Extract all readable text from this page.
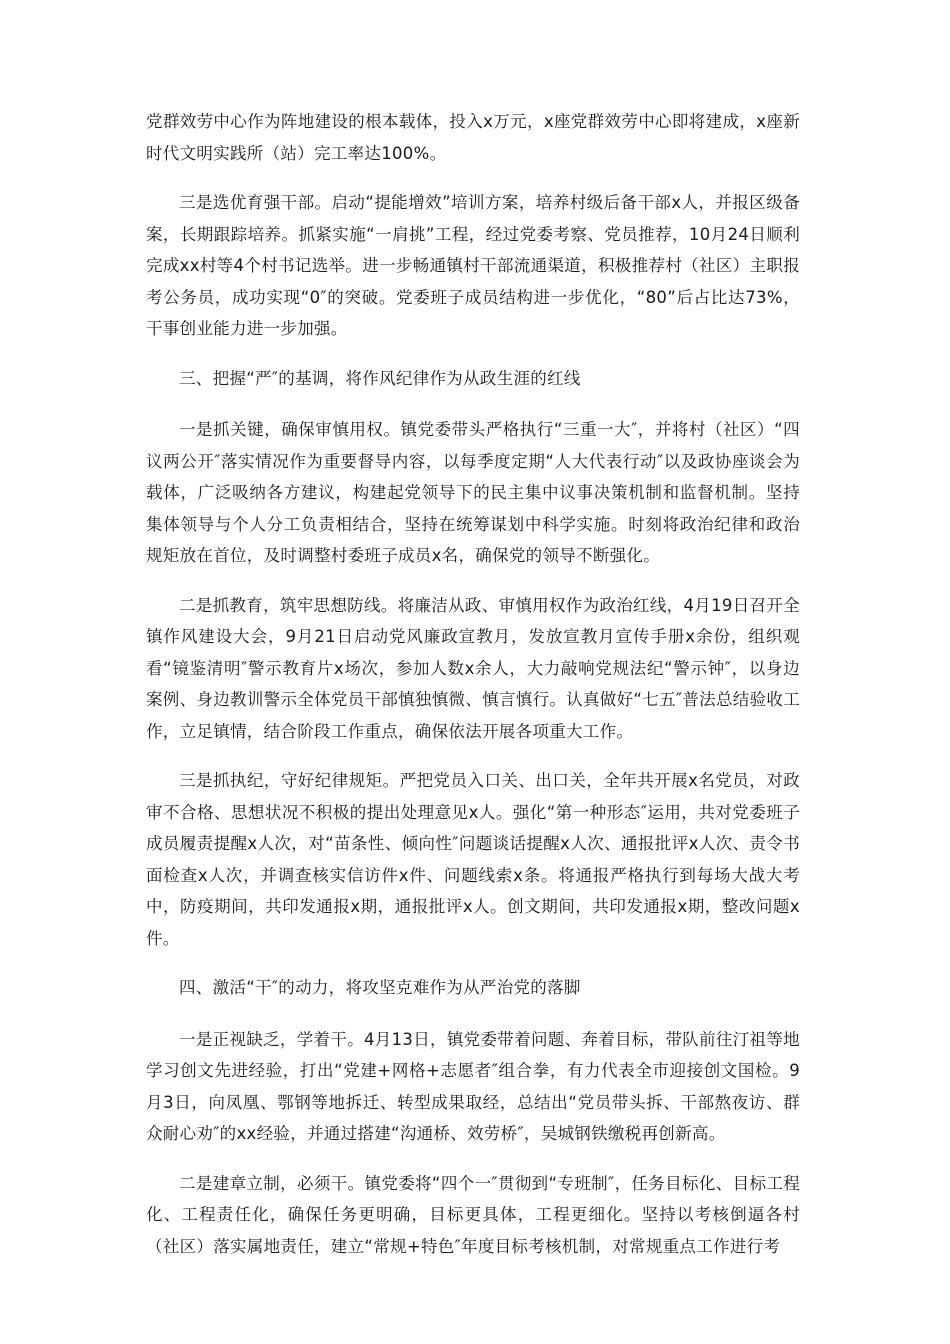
党群效劳中心作为阵地建设的根本载体，投入x万元，x座党群效劳中心即将建成，x座新时代文明实践所（站）完工率达100%。

三是选优育强干部。启动“提能增效”培训方案，培养村级后备干部x人，并报区级备案，长期跟踪培养。抓紧实施“一肩挑”工程，经过党委考察、党员推荐，10月24日顺利完成xx村等4个村书记选举。进一步畅通镇村干部流通渠道，积极推荐村（社区）主职报考公务员，成功实现“0″的突破。党委班子成员结构进一步优化，“80”后占比达73%，干事创业能力进一步加强。

三、把握“严″的基调，将作风纪律作为从政生涯的红线

一是抓关键，确保审慎用权。镇党委带头严格执行“三重一大″，并将村（社区）“四议两公开″落实情况作为重要督导内容，以每季度定期“人大代表行动″以及政协座谈会为载体，广泛吸纳各方建议，构建起党领导下的民主集中议事决策机制和监督机制。坚持集体领导与个人分工负责相结合，坚持在统筹谋划中科学实施。时刻将政治纪律和政治规矩放在首位，及时调整村委班子成员x名，确保党的领导不断强化。

二是抓教育，筑牢思想防线。将廉洁从政、审慎用权作为政治红线，4月19日召开全镇作风建设大会，9月21日启动党风廉政宣教月，发放宣教月宣传手册x余份，组织观看“镜鉴清明″警示教育片x场次，参加人数x余人，大力敲响党规法纪“警示钟″，以身边案例、身边教训警示全体党员干部慎独慎微、慎言慎行。认真做好“七五″普法总结验收工作，立足镇情，结合阶段工作重点，确保依法开展各项重大工作。

三是抓执纪，守好纪律规矩。严把党员入口关、出口关，全年共开展x名党员，对政审不合格、思想状况不积极的提出处理意见x人。强化“第一种形态″运用，共对党委班子成员履责提醒x人次，对“苗条性、倾向性″问题谈话提醒x人次、通报批评x人次、责令书面检查x人次，并调查核实信访件x件、问题线索x条。将通报严格执行到每场大战大考中，防疫期间，共印发通报x期，通报批评x人。创文期间，共印发通报x期，整改问题x件。

四、激活“干″的动力，将攻坚克难作为从严治党的落脚

一是正视缺乏，学着干。4月13日，镇党委带着问题、奔着目标，带队前往汀祖等地学习创文先进经验，打出“党建+网格+志愿者″组合拳，有力代表全市迎接创文国检。9月3日，向凤凰、鄂钢等地拆迁、转型成果取经，总结出“党员带头拆、干部熬夜访、群众耐心劝″的xx经验，并通过搭建“沟通桥、效劳桥″，吴城钢铁缴税再创新高。

二是建章立制，必须干。镇党委将“四个一″贯彻到“专班制″，任务目标化、目标工程化、工程责任化，确保任务更明确，目标更具体，工程更细化。坚持以考核倒逼各村（社区）落实属地责任，建立“常规+特色″年度目标考核机制，对常规重点工作进行考
